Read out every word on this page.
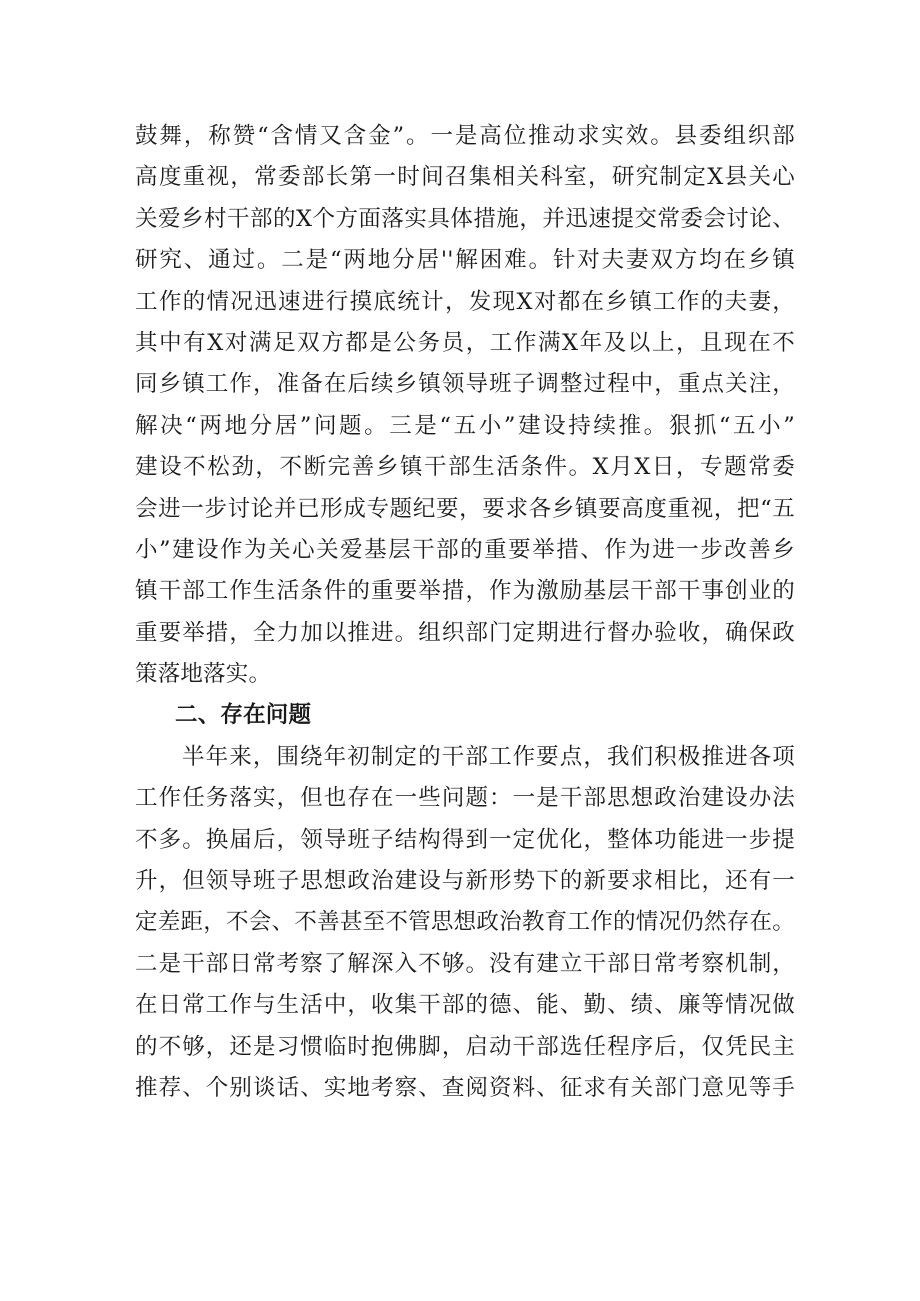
鼓舞，称赞“含情又含金”。一是高位推动求实效。县委组织部
高度重视，常委部长第一时间召集相关科室，研究制定X县关心
关爱乡村干部的X个方面落实具体措施，并迅速提交常委会讨论、
研究、通过。二是“两地分居''解困难。针对夫妻双方均在乡镇
工作的情况迅速进行摸底统计，发现X对都在乡镇工作的夫妻，
其中有X对满足双方都是公务员，工作满X年及以上，且现在不
同乡镇工作，准备在后续乡镇领导班子调整过程中，重点关注，
解决“两地分居”问题。三是“五小”建设持续推。狠抓“五小”
建设不松劲，不断完善乡镇干部生活条件。X月X日，专题常委
会进一步讨论并已形成专题纪要，要求各乡镇要高度重视，把“五
小”建设作为关心关爱基层干部的重要举措、作为进一步改善乡
镇干部工作生活条件的重要举措，作为激励基层干部干事创业的
重要举措，全力加以推进。组织部门定期进行督办验收，确保政
策落地落实。
二、存在问题
半年来，围绕年初制定的干部工作要点，我们积极推进各项
工作任务落实，但也存在一些问题：一是干部思想政治建设办法
不多。换届后，领导班子结构得到一定优化，整体功能进一步提
升，但领导班子思想政治建设与新形势下的新要求相比，还有一
定差距，不会、不善甚至不管思想政治教育工作的情况仍然存在。
二是干部日常考察了解深入不够。没有建立干部日常考察机制，
在日常工作与生活中，收集干部的德、能、勤、绩、廉等情况做
的不够，还是习惯临时抱佛脚，启动干部选任程序后，仅凭民主
推荐、个别谈话、实地考察、查阅资料、征求有关部门意见等手
